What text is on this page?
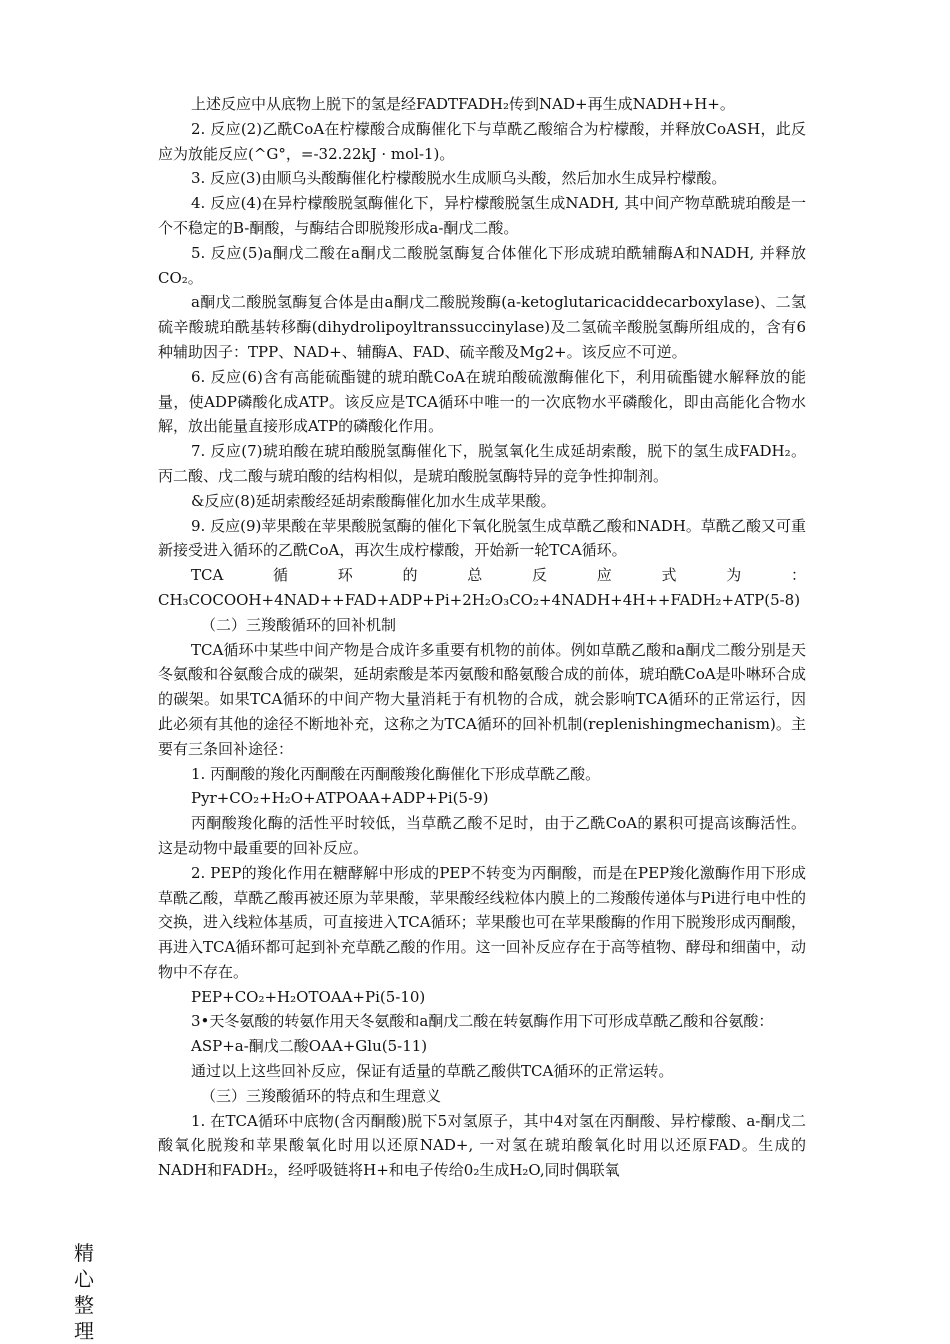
上述反应中从底物上脱下的氢是经FADTFADH₂传到NAD+再生成NADH+H+。

2. 反应(2)乙酰CoA在柠檬酸合成酶催化下与草酰乙酸缩合为柠檬酸，并释放CoASH，此反应为放能反应(^G°，=-32.22kJ · mol-1)。

3. 反应(3)由顺乌头酸酶催化柠檬酸脱水生成顺乌头酸，然后加水生成异柠檬酸。

4. 反应(4)在异柠檬酸脱氢酶催化下，异柠檬酸脱氢生成NADH, 其中间产物草酰琥珀酸是一个不稳定的B-酮酸，与酶结合即脱羧形成a-酮戊二酸。

5. 反应(5)a酮戊二酸在a酮戊二酸脱氢酶复合体催化下形成琥珀酰辅酶A和NADH, 并释放CO₂。

a酮戊二酸脱氢酶复合体是由a酮戊二酸脱羧酶(a-ketoglutaricaciddecarboxylase)、二氢硫辛酸琥珀酰基转移酶(dihydrolipoyltranssuccinylase)及二氢硫辛酸脱氢酶所组成的，含有6种辅助因子：TPP、NAD+、辅酶A、FAD、硫辛酸及Mg2+。该反应不可逆。

6. 反应(6)含有高能硫酯键的琥珀酰CoA在琥珀酸硫激酶催化下，利用硫酯键水解释放的能量，使ADP磷酸化成ATP。该反应是TCA循环中唯一的一次底物水平磷酸化，即由高能化合物水解，放出能量直接形成ATP的磷酸化作用。

7. 反应(7)琥珀酸在琥珀酸脱氢酶催化下，脱氢氧化生成延胡索酸，脱下的氢生成FADH₂。丙二酸、戊二酸与琥珀酸的结构相似，是琥珀酸脱氢酶特异的竞争性抑制剂。

&反应(8)延胡索酸经延胡索酸酶催化加水生成苹果酸。

9. 反应(9)苹果酸在苹果酸脱氢酶的催化下氧化脱氢生成草酰乙酸和NADH。草酰乙酸又可重新接受进入循环的乙酰CoA，再次生成柠檬酸，开始新一轮TCA循环。

TCA循环的总反应式为：CH₃COCOOH+4NAD++FAD+ADP+Pi+2H₂O₃CO₂+4NADH+4H++FADH₂+ATP(5-8)

（二）三羧酸循环的回补机制

TCA循环中某些中间产物是合成许多重要有机物的前体。例如草酰乙酸和a酮戊二酸分别是天冬氨酸和谷氨酸合成的碳架，延胡索酸是苯丙氨酸和酪氨酸合成的前体，琥珀酰CoA是卟啉环合成的碳架。如果TCA循环的中间产物大量消耗于有机物的合成，就会影响TCA循环的正常运行，因此必须有其他的途径不断地补充，这称之为TCA循环的回补机制(replenishingmechanism)。主要有三条回补途径：

1. 丙酮酸的羧化丙酮酸在丙酮酸羧化酶催化下形成草酰乙酸。

Pyr+CO₂+H₂O+ATPOAA+ADP+Pi(5-9)

丙酮酸羧化酶的活性平时较低，当草酰乙酸不足时，由于乙酰CoA的累积可提高该酶活性。这是动物中最重要的回补反应。

2. PEP的羧化作用在糖酵解中形成的PEP不转变为丙酮酸，而是在PEP羧化激酶作用下形成草酰乙酸，草酰乙酸再被还原为苹果酸，苹果酸经线粒体内膜上的二羧酸传递体与Pi进行电中性的交换，进入线粒体基质，可直接进入TCA循环；苹果酸也可在苹果酸酶的作用下脱羧形成丙酮酸，再进入TCA循环都可起到补充草酰乙酸的作用。这一回补反应存在于高等植物、酵母和细菌中，动物中不存在。

PEP+CO₂+H₂OTOAA+Pi(5-10)

3•天冬氨酸的转氨作用天冬氨酸和a酮戊二酸在转氨酶作用下可形成草酰乙酸和谷氨酸：

ASP+a-酮戊二酸OAA+Glu(5-11)

通过以上这些回补反应，保证有适量的草酰乙酸供TCA循环的正常运转。

（三）三羧酸循环的特点和生理意义

1. 在TCA循环中底物(含丙酮酸)脱下5对氢原子，其中4对氢在丙酮酸、异柠檬酸、a-酮戊二酸氧化脱羧和苹果酸氧化时用以还原NAD+, 一对氢在琥珀酸氧化时用以还原FAD。生成的NADH和FADH₂，经呼吸链将H+和电子传给0₂生成H₂O,同时偶联氧

精
心
整
理
